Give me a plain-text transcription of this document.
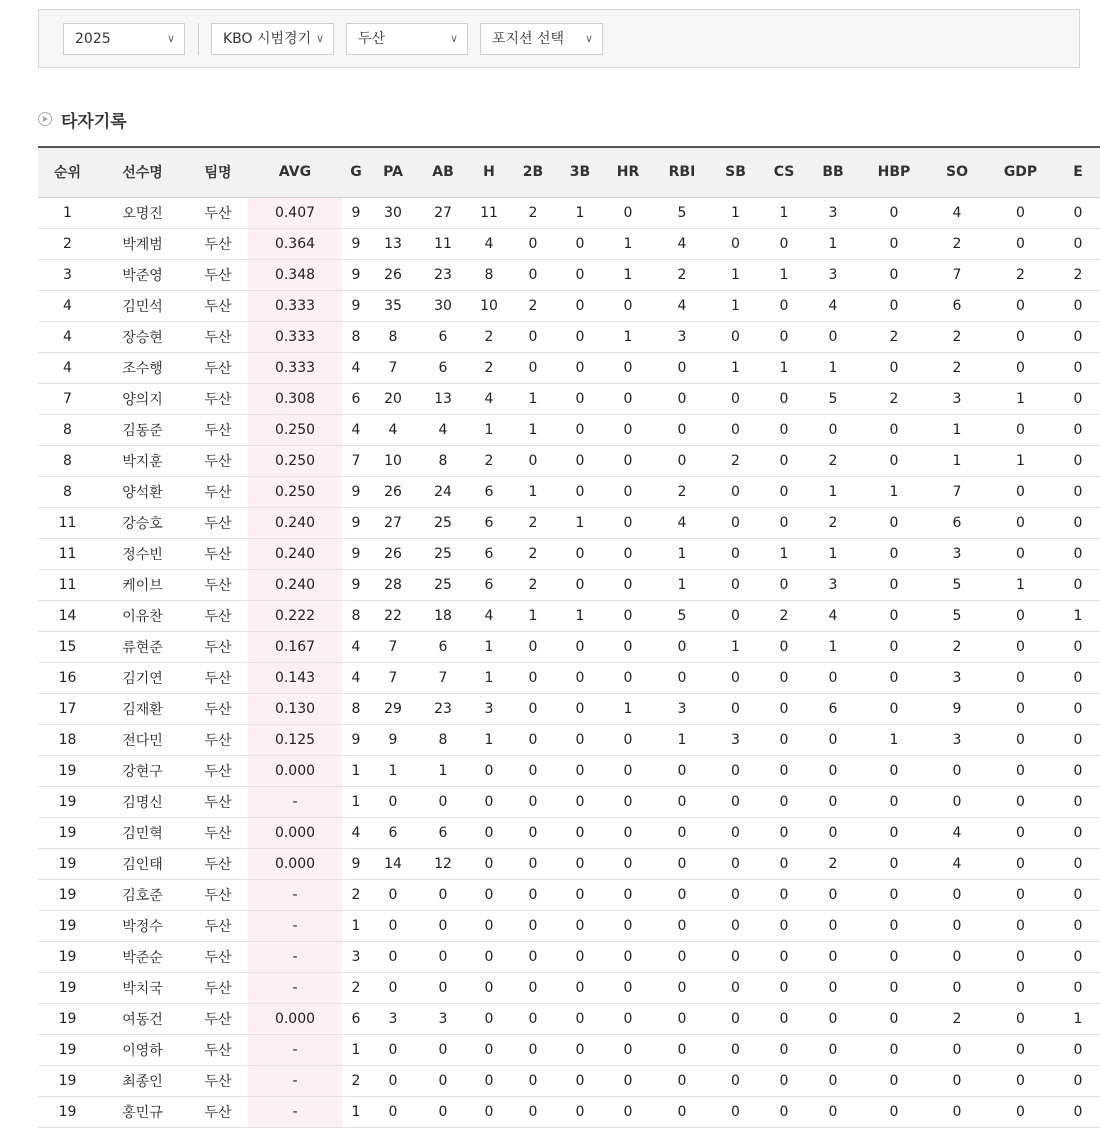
2025	∨	KBO 시범경기 ∨	두산	∨	포지션 선택 ∨
타자기록
순위	선수명	팀명	AVG	G	PA	AB	H	2B	3B	HR	RBI	SB	CS	BB	HBP	SO	GDP	E
1	오명진	두산	0.407	9	30	27	11	2	1	0	5	1	1	3	0	4	0	0
2	박계범	두산	0.364	9	13	11	4	0	0	1	4	0	0	1	0	2	0	0
3	박준영	두산	0.348	9	26	23	8	0	0	1	2	1	1	3	0	7	2	2
4	김민석	두산	0.333	9	35	30	10	2	0	0	4	1	0	4	0	6	0	0
4	장승현	두산	0.333	8	8	6	2	0	0	1	3	0	0	0	2	2	0	0
4	조수행	두산	0.333	4	7	6	2	0	0	0	0	1	1	1	0	2	0	0
7	양의지	두산	0.308	6	20	13	4	1	0	0	0	0	0	5	2	3	1	0
8	김동준	두산	0.250	4	4	4	1	1	0	0	0	0	0	0	0	1	0	0
8	박지훈	두산	0.250	7	10	8	2	0	0	0	0	2	0	2	0	1	1	0
8	양석환	두산	0.250	9	26	24	6	1	0	0	2	0	0	1	1	7	0	0
11	강승호	두산	0.240	9	27	25	6	2	1	0	4	0	0	2	0	6	0	0
11	정수빈	두산	0.240	9	26	25	6	2	0	0	1	0	1	1	0	3	0	0
11	케이브	두산	0.240	9	28	25	6	2	0	0	1	0	0	3	0	5	1	0
14	이유찬	두산	0.222	8	22	18	4	1	1	0	5	0	2	4	0	5	0	1
15	류현준	두산	0.167	4	7	6	1	0	0	0	0	1	0	1	0	2	0	0
16	김기연	두산	0.143	4	7	7	1	0	0	0	0	0	0	0	0	3	0	0
17	김재환	두산	0.130	8	29	23	3	0	0	1	3	0	0	6	0	9	0	0
18	전다민	두산	0.125	9	9	8	1	0	0	0	1	3	0	0	1	3	0	0
19	강현구	두산	0.000	1	1	1	0	0	0	0	0	0	0	0	0	0	0	0
19	김명신	두산	-	1	0	0	0	0	0	0	0	0	0	0	0	0	0	0
19	김민혁	두산	0.000	4	6	6	0	0	0	0	0	0	0	0	0	4	0	0
19	김인태	두산	0.000	9	14	12	0	0	0	0	0	0	0	2	0	4	0	0
19	김호준	두산	-	2	0	0	0	0	0	0	0	0	0	0	0	0	0	0
19	박정수	두산	-	1	0	0	0	0	0	0	0	0	0	0	0	0	0	0
19	박준순	두산	-	3	0	0	0	0	0	0	0	0	0	0	0	0	0	0
19	박치국	두산	-	2	0	0	0	0	0	0	0	0	0	0	0	0	0	0
19	여동건	두산	0.000	6	3	3	0	0	0	0	0	0	0	0	0	2	0	1
19	이영하	두산	-	1	0	0	0	0	0	0	0	0	0	0	0	0	0	0
19	최종인	두산	-	2	0	0	0	0	0	0	0	0	0	0	0	0	0	0
19	홍민규	두산	-	1	0	0	0	0	0	0	0	0	0	0	0	0	0	0
